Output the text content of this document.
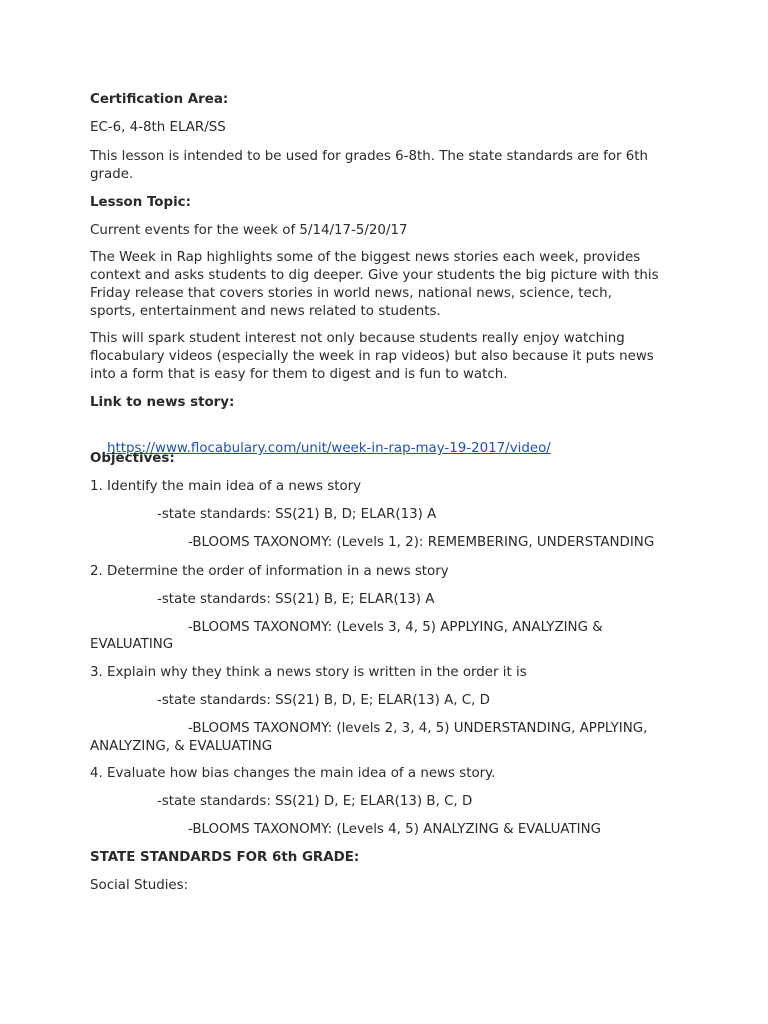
Certification Area:
EC-6, 4-8th ELAR/SS
This lesson is intended to be used for grades 6-8th. The state standards are for 6th
grade.
Lesson Topic:
Current events for the week of 5/14/17-5/20/17
The Week in Rap highlights some of the biggest news stories each week, provides
context and asks students to dig deeper. Give your students the big picture with this
Friday release that covers stories in world news, national news, science, tech,
sports, entertainment and news related to students.
This will spark student interest not only because students really enjoy watching
flocabulary videos (especially the week in rap videos) but also because it puts news
into a form that is easy for them to digest and is fun to watch.
Link to news story:

https://www.flocabulary.com/unit/week-in-rap-may-19-2017/video/

Objectives:
1. Identify the main idea of a news story
-state standards: SS(21) B, D; ELAR(13) A
-BLOOMS TAXONOMY: (Levels 1, 2): REMEMBERING, UNDERSTANDING
2. Determine the order of information in a news story
-state standards: SS(21) B, E; ELAR(13) A
-BLOOMS TAXONOMY: (Levels 3, 4, 5) APPLYING, ANALYZING &
EVALUATING
3. Explain why they think a news story is written in the order it is
-state standards: SS(21) B, D, E; ELAR(13) A, C, D
-BLOOMS TAXONOMY: (levels 2, 3, 4, 5) UNDERSTANDING, APPLYING,
ANALYZING, & EVALUATING
4. Evaluate how bias changes the main idea of a news story.
-state standards: SS(21) D, E; ELAR(13) B, C, D
-BLOOMS TAXONOMY: (Levels 4, 5) ANALYZING & EVALUATING
STATE STANDARDS FOR 6th GRADE:
Social Studies:
